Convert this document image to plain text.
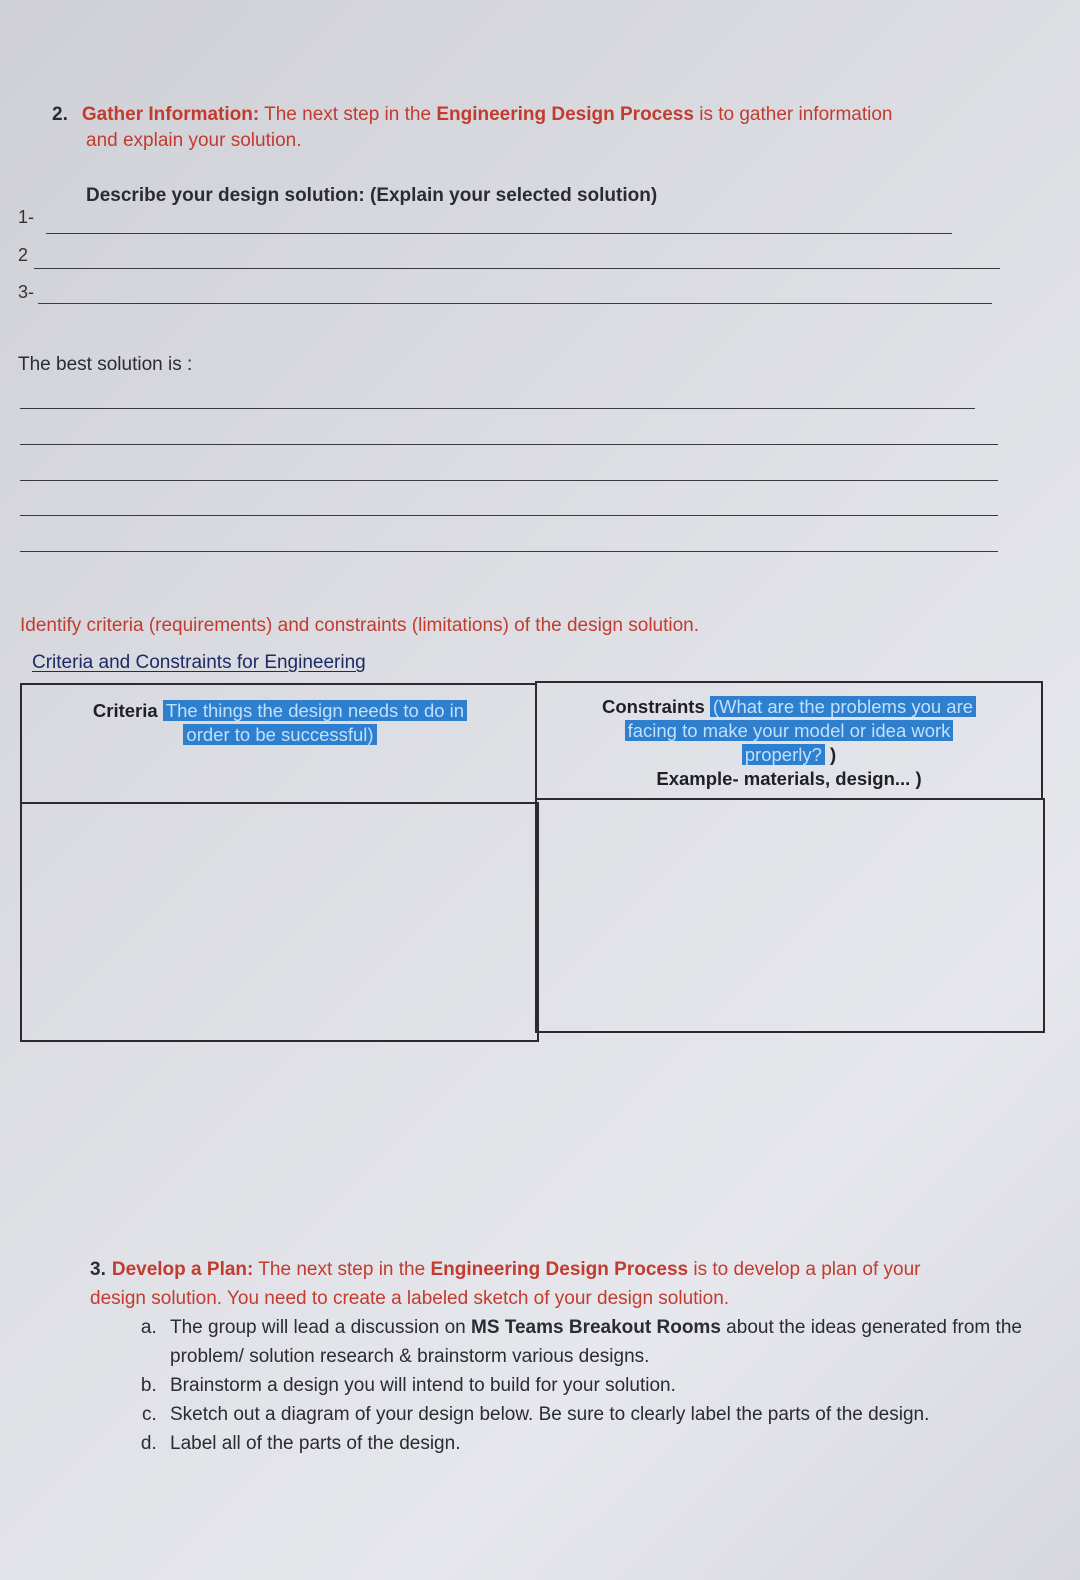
2. Gather Information: The next step in the Engineering Design Process is to gather information
and explain your solution.
Describe your design solution: (Explain your selected solution)
1-
2
3-
The best solution is :
Identify criteria (requirements) and constraints (limitations) of the design solution.
Criteria and Constraints for Engineering
Criteria The things the design needs to do in
order to be successful)
Constraints (What are the problems you are
facing to make your model or idea work
properly? )
Example- materials, design... )
3. Develop a Plan: The next step in the Engineering Design Process is to develop a plan of your
design solution. You need to create a labeled sketch of your design solution.
a. The group will lead a discussion on MS Teams Breakout Rooms about the ideas generated from the problem/ solution research & brainstorm various designs.
b. Brainstorm a design you will intend to build for your solution.
c. Sketch out a diagram of your design below. Be sure to clearly label the parts of the design.
d. Label all of the parts of the design.
